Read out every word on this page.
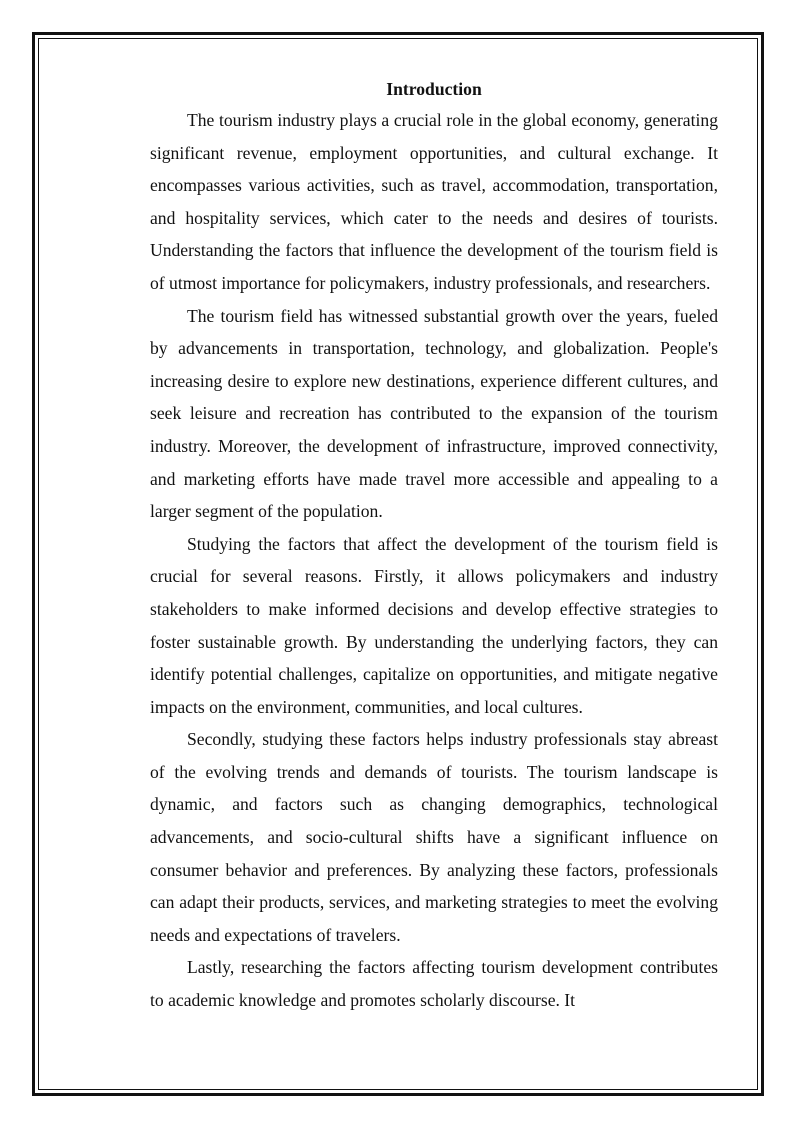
Introduction

The tourism industry plays a crucial role in the global economy, generating significant revenue, employment opportunities, and cultural exchange. It encompasses various activities, such as travel, accommodation, transportation, and hospitality services, which cater to the needs and desires of tourists. Understanding the factors that influence the development of the tourism field is of utmost importance for policymakers, industry professionals, and researchers.

The tourism field has witnessed substantial growth over the years, fueled by advancements in transportation, technology, and globalization. People's increasing desire to explore new destinations, experience different cultures, and seek leisure and recreation has contributed to the expansion of the tourism industry. Moreover, the development of infrastructure, improved connectivity, and marketing efforts have made travel more accessible and appealing to a larger segment of the population.

Studying the factors that affect the development of the tourism field is crucial for several reasons. Firstly, it allows policymakers and industry stakeholders to make informed decisions and develop effective strategies to foster sustainable growth. By understanding the underlying factors, they can identify potential challenges, capitalize on opportunities, and mitigate negative impacts on the environment, communities, and local cultures.

Secondly, studying these factors helps industry professionals stay abreast of the evolving trends and demands of tourists. The tourism landscape is dynamic, and factors such as changing demographics, technological advancements, and socio-cultural shifts have a significant influence on consumer behavior and preferences. By analyzing these factors, professionals can adapt their products, services, and marketing strategies to meet the evolving needs and expectations of travelers.

Lastly, researching the factors affecting tourism development contributes to academic knowledge and promotes scholarly discourse. It
